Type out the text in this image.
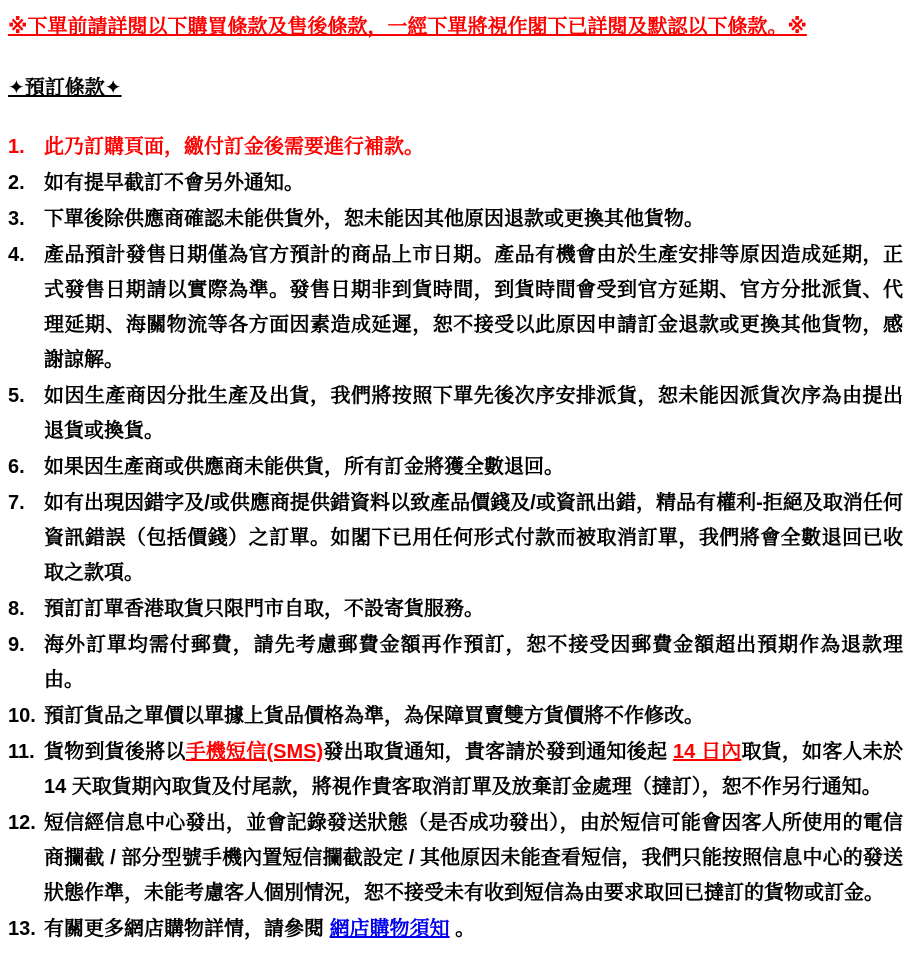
※下單前請詳閱以下購買條款及售後條款，一經下單將視作閣下已詳閱及默認以下條款。※

✦預訂條款✦

1. 此乃訂購頁面，繳付訂金後需要進行補款。
2. 如有提早截訂不會另外通知。
3. 下單後除供應商確認未能供貨外，恕未能因其他原因退款或更換其他貨物。
4. 產品預計發售日期僅為官方預計的商品上市日期。產品有機會由於生產安排等原因造成延期，正式發售日期請以實際為準。發售日期非到貨時間，到貨時間會受到官方延期、官方分批派貨、代理延期、海關物流等各方面因素造成延遲，恕不接受以此原因申請訂金退款或更換其他貨物，感謝諒解。
5. 如因生產商因分批生產及出貨，我們將按照下單先後次序安排派貨，恕未能因派貨次序為由提出退貨或換貨。
6. 如果因生產商或供應商未能供貨，所有訂金將獲全數退回。
7. 如有出現因錯字及/或供應商提供錯資料以致產品價錢及/或資訊出錯，精品有權利-拒絕及取消任何資訊錯誤（包括價錢）之訂單。如閣下已用任何形式付款而被取消訂單，我們將會全數退回已收取之款項。
8. 預訂訂單香港取貨只限門市自取，不設寄貨服務。
9. 海外訂單均需付郵費，請先考慮郵費金額再作預訂，恕不接受因郵費金額超出預期作為退款理由。
10. 預訂貨品之單價以單據上貨品價格為準，為保障買賣雙方貨價將不作修改。
11. 貨物到貨後將以手機短信(SMS)發出取貨通知，貴客請於發到通知後起 14 日內取貨，如客人未於14 天取貨期內取貨及付尾款，將視作貴客取消訂單及放棄訂金處理（撻訂），恕不作另行通知。
12. 短信經信息中心發出，並會記錄發送狀態（是否成功發出），由於短信可能會因客人所使用的電信商攔截 / 部分型號手機內置短信攔截設定 / 其他原因未能查看短信，我們只能按照信息中心的發送狀態作準，未能考慮客人個別情況，恕不接受未有收到短信為由要求取回已撻訂的貨物或訂金。
13. 有關更多網店購物詳情，請參閱 網店購物須知 。
